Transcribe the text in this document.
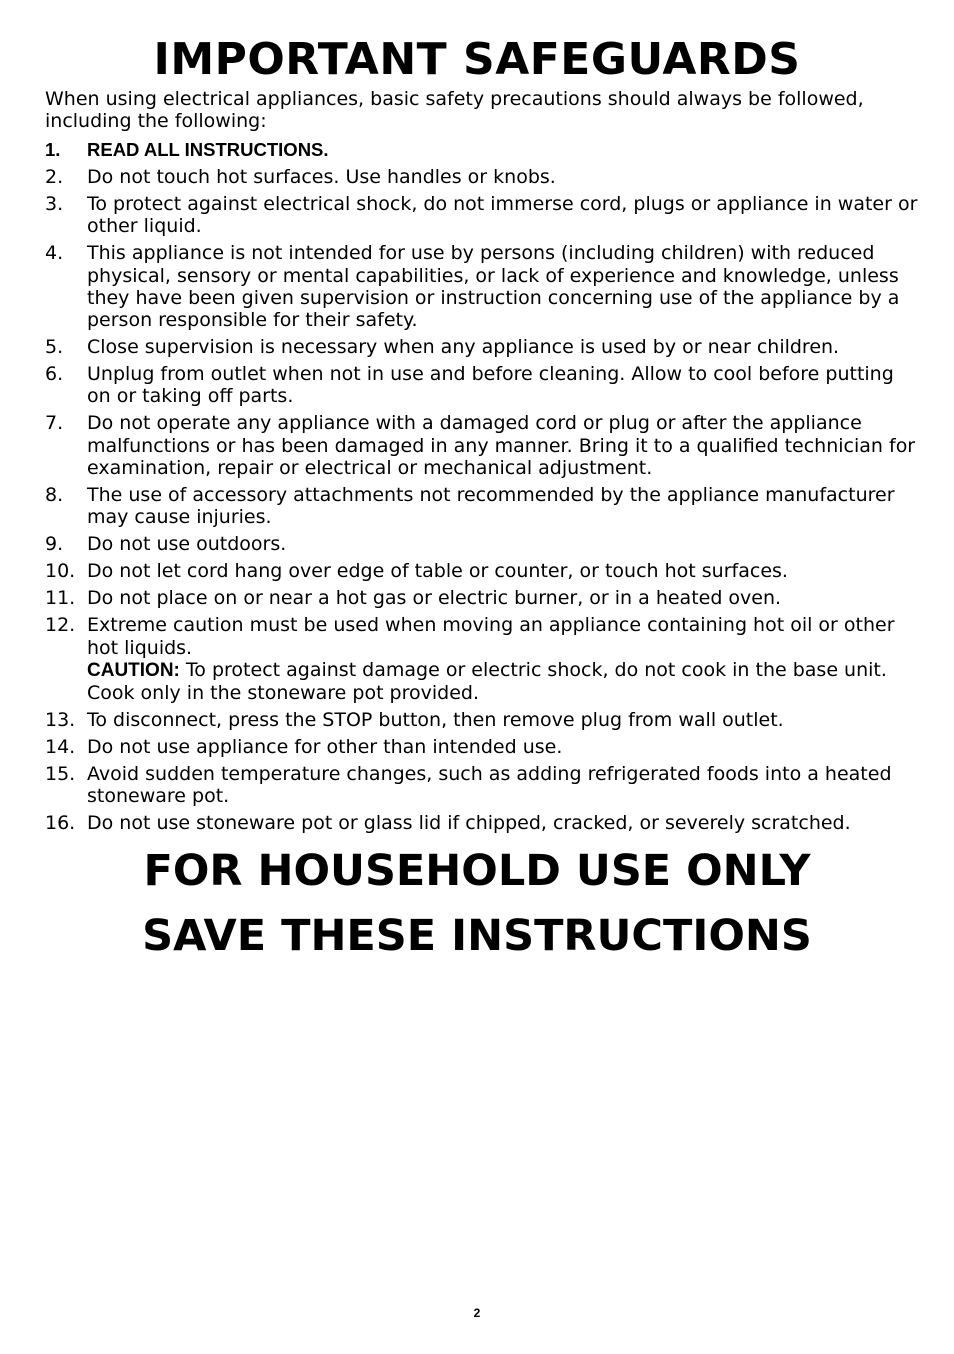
IMPORTANT SAFEGUARDS

When using electrical appliances, basic safety precautions should always be followed, including the following:

1.	READ ALL INSTRUCTIONS.
2.	Do not touch hot surfaces. Use handles or knobs.
3.	To protect against electrical shock, do not immerse cord, plugs or appliance in water or other liquid.
4.	This appliance is not intended for use by persons (including children) with reduced physical, sensory or mental capabilities, or lack of experience and knowledge, unless they have been given supervision or instruction concerning use of the appliance by a person responsible for their safety.
5.	Close supervision is necessary when any appliance is used by or near children.
6.	Unplug from outlet when not in use and before cleaning. Allow to cool before putting on or taking off parts.
7.	Do not operate any appliance with a damaged cord or plug or after the appliance malfunctions or has been damaged in any manner. Bring it to a qualified technician for examination, repair or electrical or mechanical adjustment.
8.	The use of accessory attachments not recommended by the appliance manufacturer may cause injuries.
9.	Do not use outdoors.
10. Do not let cord hang over edge of table or counter, or touch hot surfaces.
11. Do not place on or near a hot gas or electric burner, or in a heated oven.
12. Extreme caution must be used when moving an appliance containing hot oil or other hot liquids.
CAUTION: To protect against damage or electric shock, do not cook in the base unit. Cook only in the stoneware pot provided.
13. To disconnect, press the STOP button, then remove plug from wall outlet.
14. Do not use appliance for other than intended use.
15. Avoid sudden temperature changes, such as adding refrigerated foods into a heated stoneware pot.
16. Do not use stoneware pot or glass lid if chipped, cracked, or severely scratched.
FOR HOUSEHOLD USE ONLY
SAVE THESE INSTRUCTIONS
2
